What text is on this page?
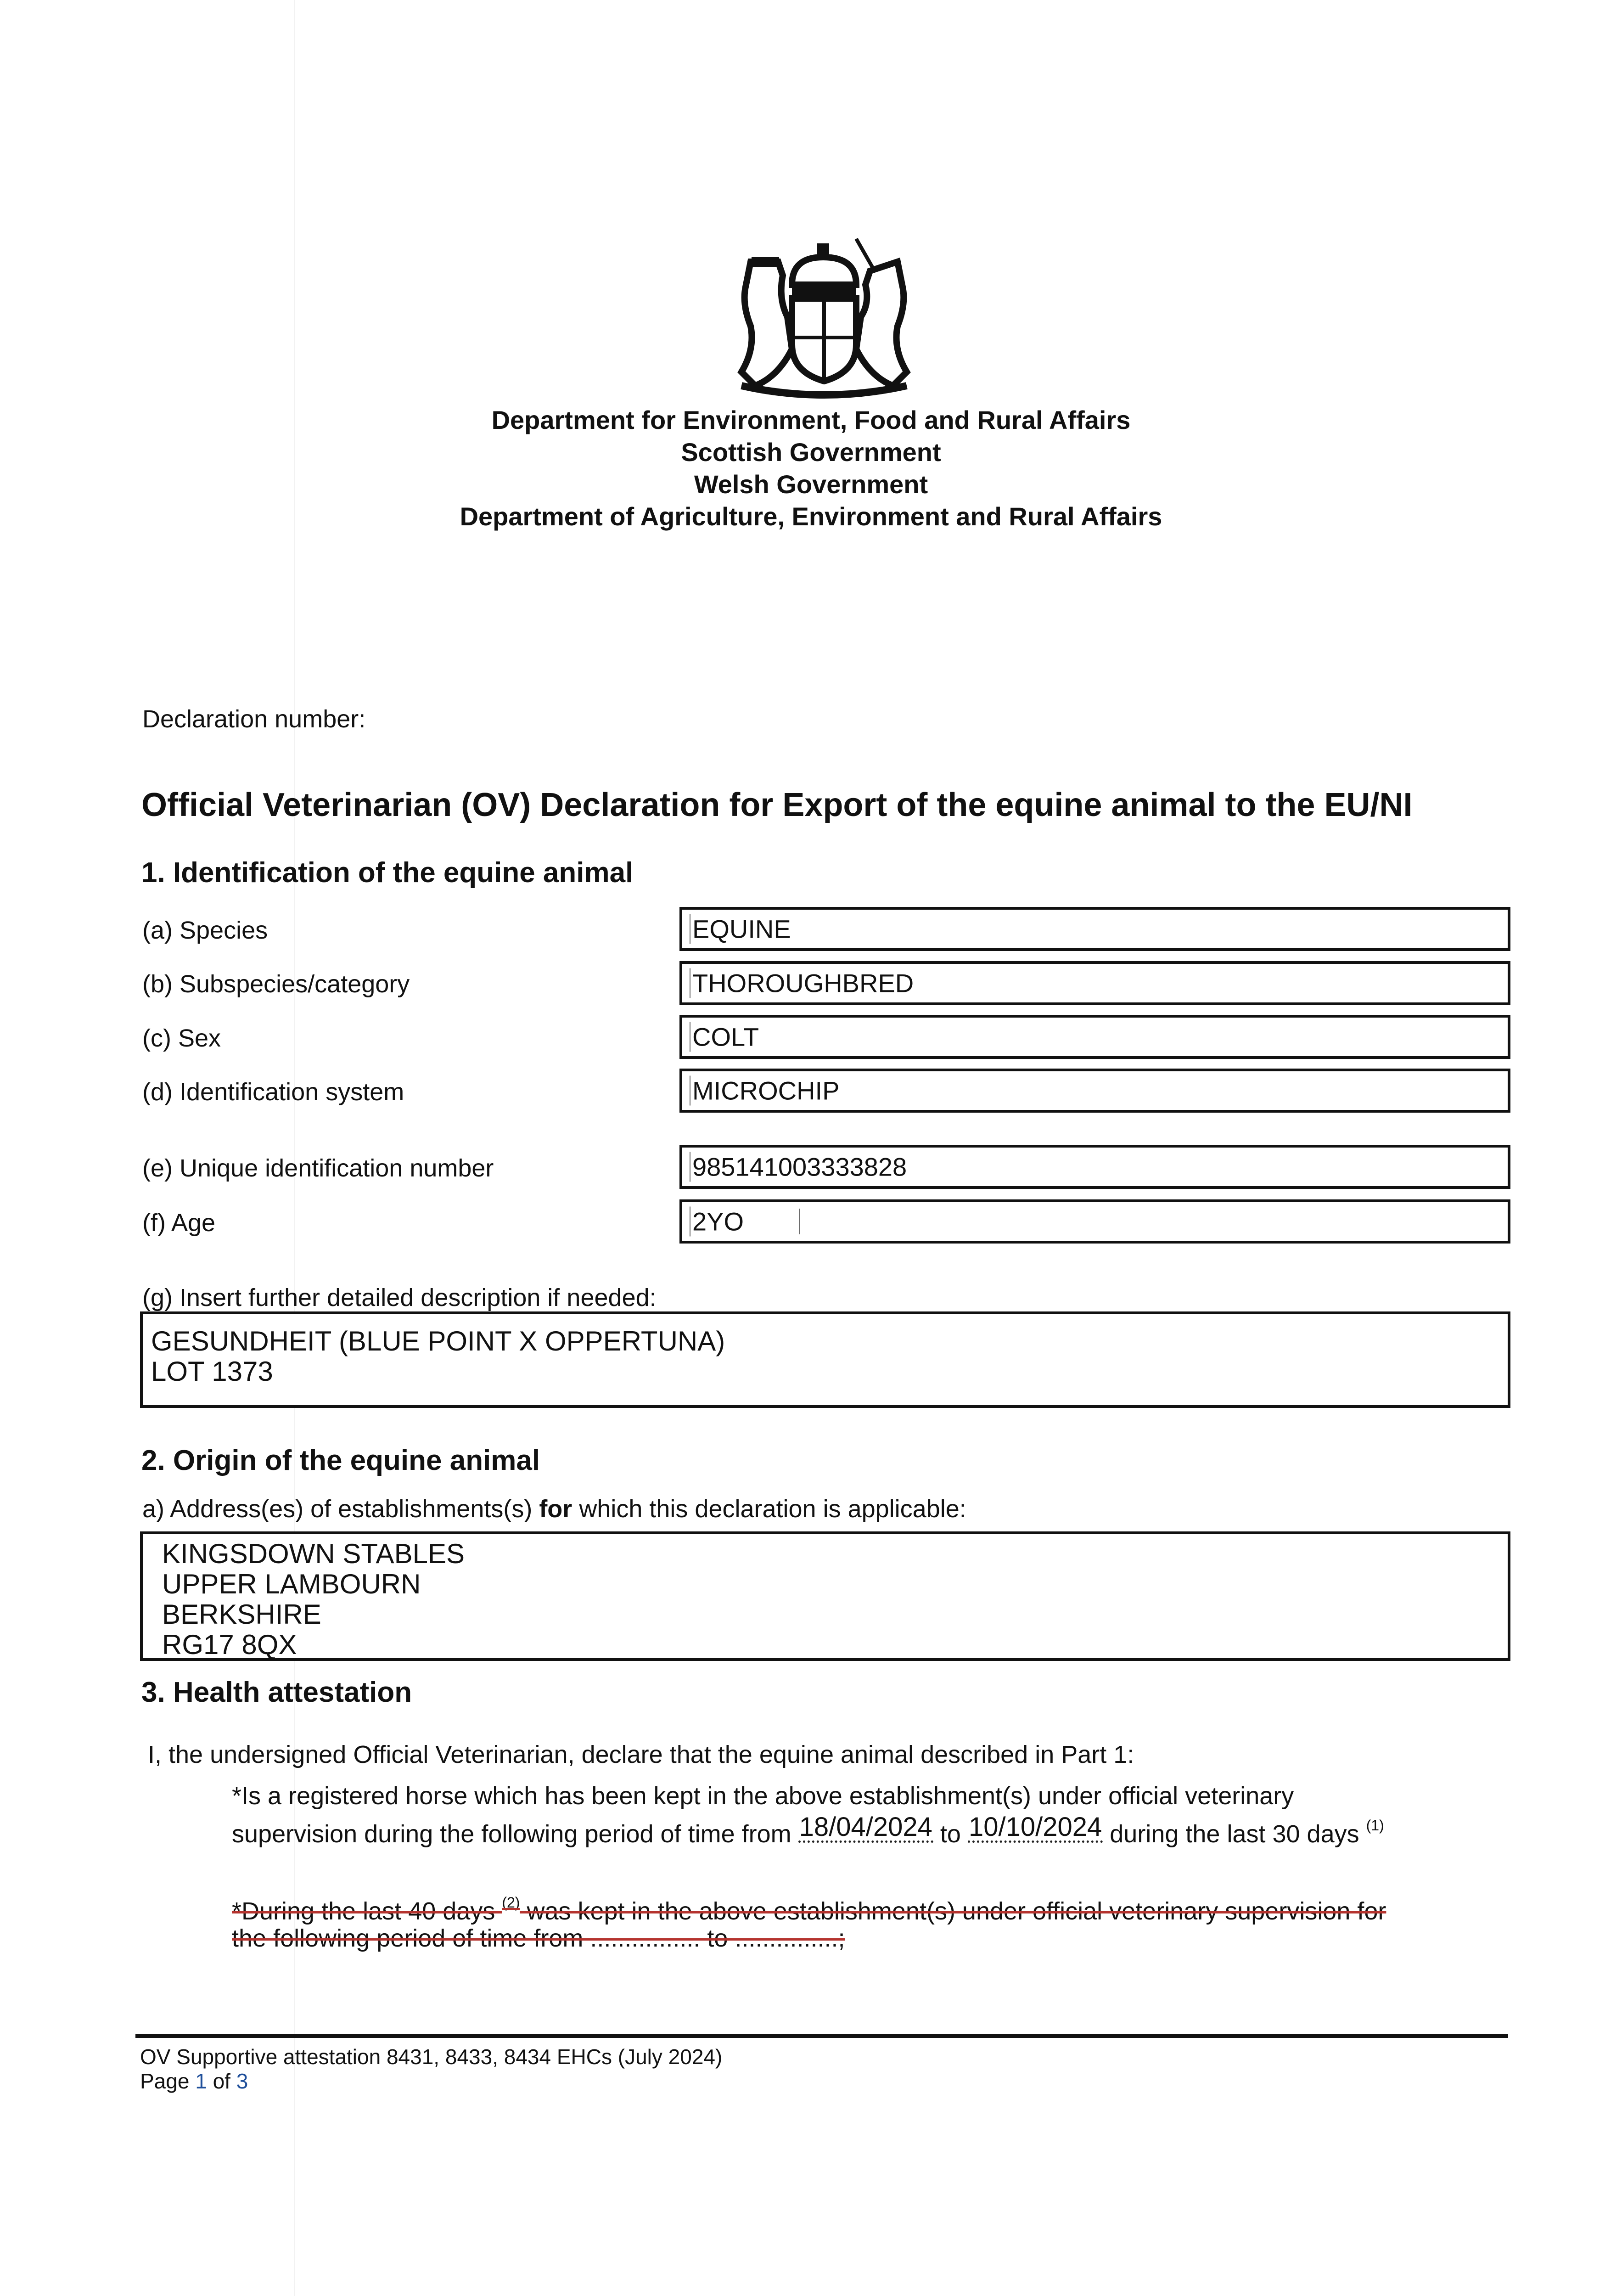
Department for Environment, Food and Rural Affairs
Scottish Government
Welsh Government
Department of Agriculture, Environment and Rural Affairs
Declaration number:
Official Veterinarian (OV) Declaration for Export of the equine animal to the EU/NI
1. Identification of the equine animal
(a) Species	EQUINE
(b) Subspecies/category	THOROUGHBRED
(c) Sex	COLT
(d) Identification system	MICROCHIP
(e) Unique identification number	985141003333828
(f) Age	2YO
(g) Insert further detailed description if needed:
GESUNDHEIT (BLUE POINT X OPPERTUNA)
LOT 1373
2. Origin of the equine animal
a) Address(es) of establishments(s) for which this declaration is applicable:
KINGSDOWN STABLES
UPPER LAMBOURN
BERKSHIRE
RG17 8QX
3. Health attestation
I, the undersigned Official Veterinarian, declare that the equine animal described in Part 1:
*Is a registered horse which has been kept in the above establishment(s) under official veterinary
supervision during the following period of time from 18/04/2024 to 10/10/2024 during the last 30 days $^{(1)}$
*During the last 40 days $^{(2)}$ was kept in the above establishment(s) under official veterinary supervision for
the following period of time from ................ to ...............;
OV Supportive attestation 8431, 8433, 8434 EHCs (July 2024)
Page 1 of 3
